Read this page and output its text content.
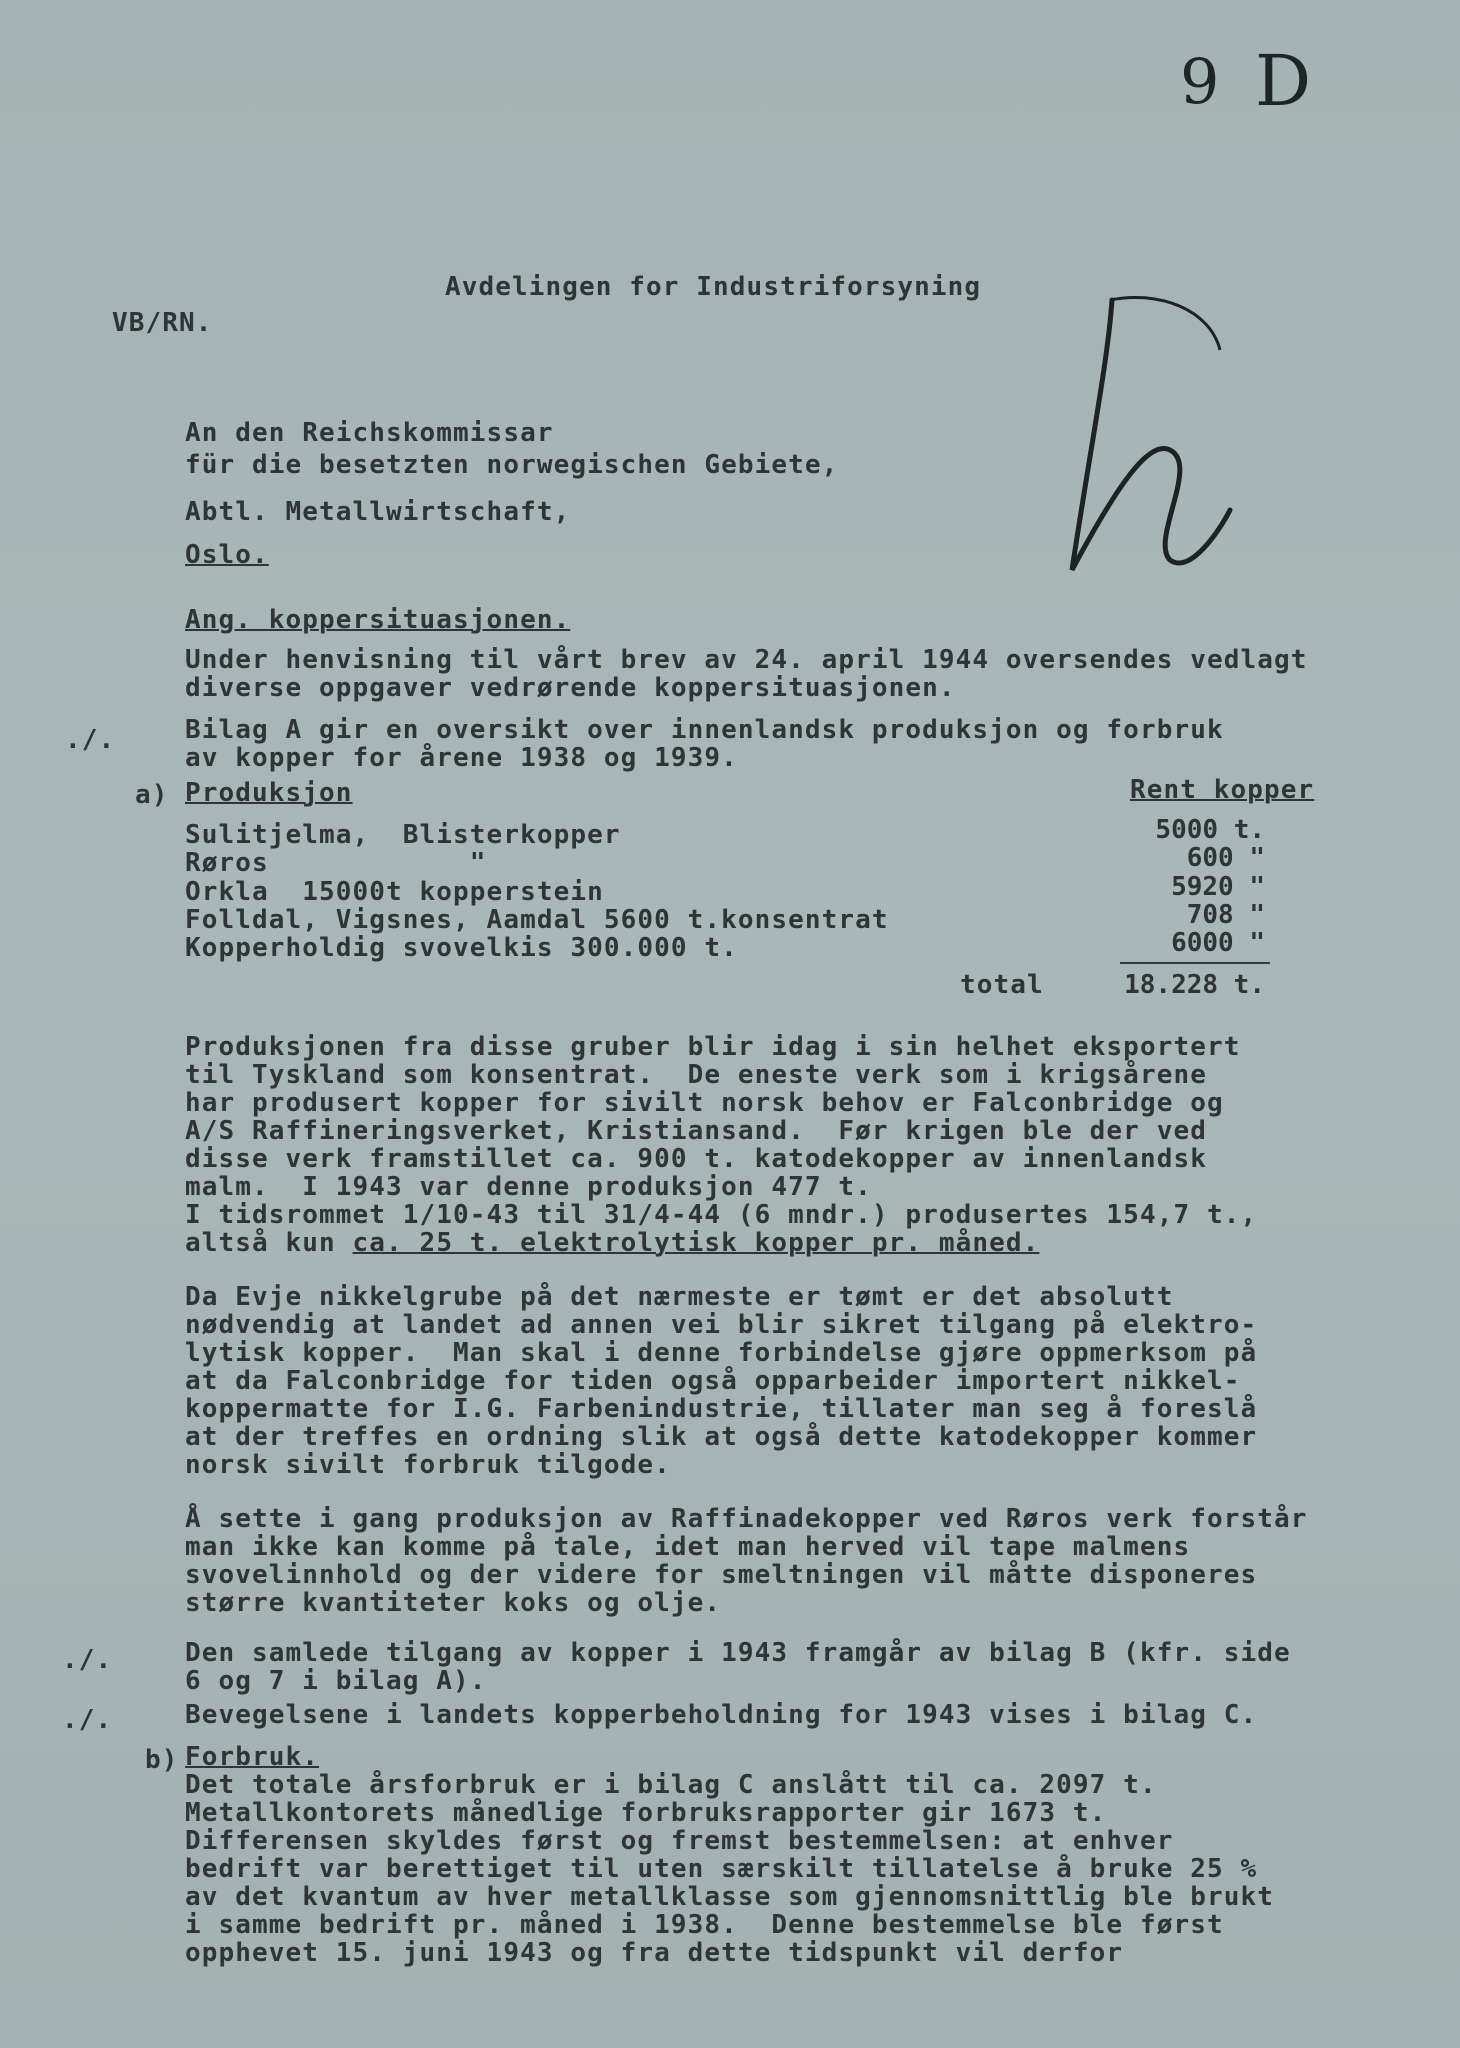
9 D
Avdelingen for Industriforsyning
VB/RN.
An den Reichskommissar
für die besetzten norwegischen Gebiete,
Abtl. Metallwirtschaft,
Oslo.
Ang. koppersituasjonen.
Under henvisning til vårt brev av 24. april 1944 oversendes vedlagt
diverse oppgaver vedrørende koppersituasjonen.
./.	Bilag A gir en oversikt over innenlandsk produksjon og forbruk
av kopper for årene 1938 og 1939.
a) Produksjon	Rent kopper
Sulitjelma,  Blisterkopper	5000 t.
Røros            "	600 "
Orkla  15000t kopperstein	5920 "
Folldal, Vigsnes, Aamdal 5600 t.konsentrat	708 "
Kopperholdig svovelkis 300.000 t.	6000 "
total	18.228 t.
Produksjonen fra disse gruber blir idag i sin helhet eksportert
til Tyskland som konsentrat.  De eneste verk som i krigsårene
har produsert kopper for sivilt norsk behov er Falconbridge og
A/S Raffineringsverket, Kristiansand.  Før krigen ble der ved
disse verk framstillet ca. 900 t. katodekopper av innenlandsk
malm.  I 1943 var denne produksjon 477 t.
I tidsrommet 1/10-43 til 31/4-44 (6 mndr.) produsertes 154,7 t.,
altså kun ca. 25 t. elektrolytisk kopper pr. måned.
Da Evje nikkelgrube på det nærmeste er tømt er det absolutt
nødvendig at landet ad annen vei blir sikret tilgang på elektro-
lytisk kopper.  Man skal i denne forbindelse gjøre oppmerksom på
at da Falconbridge for tiden også opparbeider importert nikkel-
koppermatte for I.G. Farbenindustrie, tillater man seg å foreslå
at der treffes en ordning slik at også dette katodekopper kommer
norsk sivilt forbruk tilgode.
Å sette i gang produksjon av Raffinadekopper ved Røros verk forstår
man ikke kan komme på tale, idet man herved vil tape malmens
svovelinnhold og der videre for smeltningen vil måtte disponeres
større kvantiteter koks og olje.
./.	Den samlede tilgang av kopper i 1943 framgår av bilag B (kfr. side
6 og 7 i bilag A).
./.	Bevegelsene i landets kopperbeholdning for 1943 vises i bilag C.
b) Forbruk.
Det totale årsforbruk er i bilag C anslått til ca. 2097 t.
Metallkontorets månedlige forbruksrapporter gir 1673 t.
Differensen skyldes først og fremst bestemmelsen: at enhver
bedrift var berettiget til uten særskilt tillatelse å bruke 25 %
av det kvantum av hver metallklasse som gjennomsnittlig ble brukt
i samme bedrift pr. måned i 1938.  Denne bestemmelse ble først
opphevet 15. juni 1943 og fra dette tidspunkt vil derfor
